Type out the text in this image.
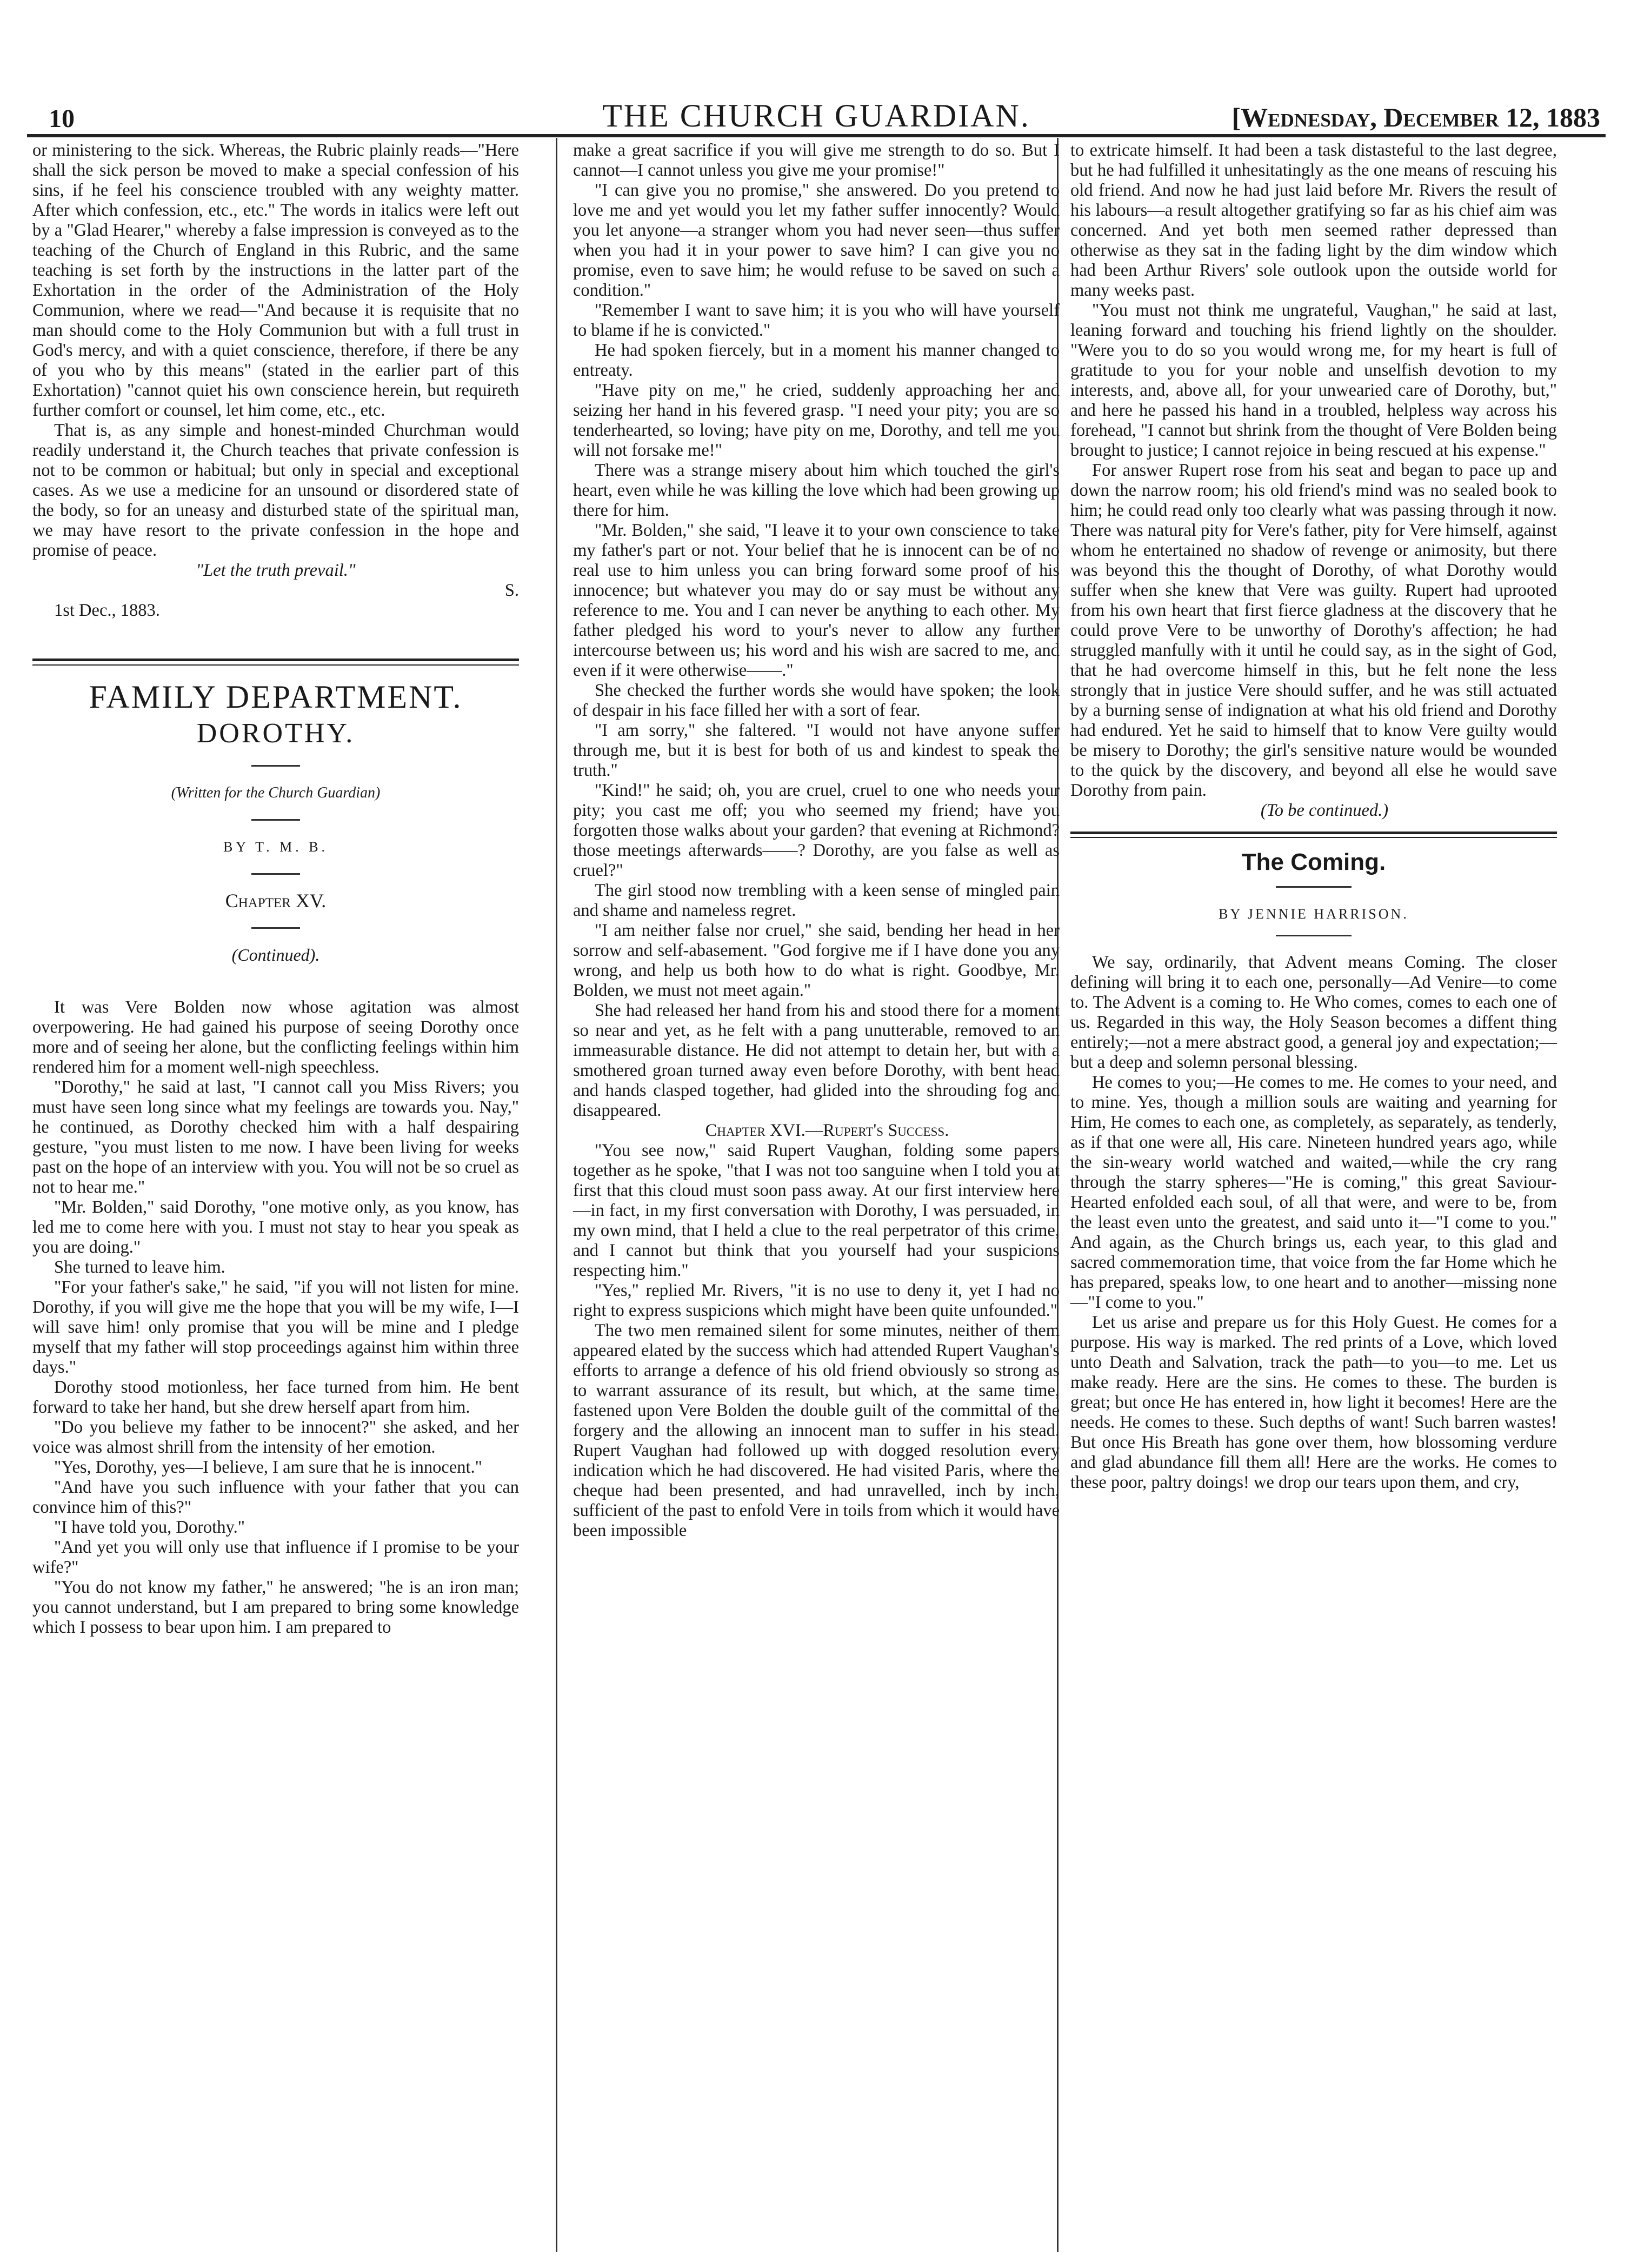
10	THE CHURCH GUARDIAN.	[Wednesday, December 12, 1883

or ministering to the sick. Whereas, the Rubric plainly reads—"Here shall the sick person be moved to make a special confession of his sins, if he feel his conscience troubled with any weighty matter. After which confession, etc., etc." The words in italics were left out by a "Glad Hearer," whereby a false impression is conveyed as to the teaching of the Church of England in this Rubric, and the same teaching is set forth by the instructions in the latter part of the Exhortation in the order of the Administration of the Holy Communion, where we read—"And because it is requisite that no man should come to the Holy Communion but with a full trust in God's mercy, and with a quiet conscience, therefore, if there be any of you who by this means" (stated in the earlier part of this Exhortation) "cannot quiet his own conscience herein, but requireth further comfort or counsel, let him come, etc., etc.

That is, as any simple and honest-minded Churchman would readily understand it, the Church teaches that private confession is not to be common or habitual; but only in special and exceptional cases. As we use a medicine for an unsound or disordered state of the body, so for an uneasy and disturbed state of the spiritual man, we may have resort to the private confession in the hope and promise of peace.

"Let the truth prevail."

S.

1st Dec., 1883.

FAMILY DEPARTMENT.
DOROTHY.
(Written for the Church Guardian)
BY T. M. B.
Chapter XV.
(Continued).

It was Vere Bolden now whose agitation was almost overpowering. He had gained his purpose of seeing Dorothy once more and of seeing her alone, but the conflicting feelings within him rendered him for a moment well-nigh speechless.

"Dorothy," he said at last, "I cannot call you Miss Rivers; you must have seen long since what my feelings are towards you. Nay," he continued, as Dorothy checked him with a half despairing gesture, "you must listen to me now. I have been living for weeks past on the hope of an interview with you. You will not be so cruel as not to hear me."

"Mr. Bolden," said Dorothy, "one motive only, as you know, has led me to come here with you. I must not stay to hear you speak as you are doing."

She turned to leave him.

"For your father's sake," he said, "if you will not listen for mine. Dorothy, if you will give me the hope that you will be my wife, I—I will save him! only promise that you will be mine and I pledge myself that my father will stop proceedings against him within three days."

Dorothy stood motionless, her face turned from him. He bent forward to take her hand, but she drew herself apart from him.

"Do you believe my father to be innocent?" she asked, and her voice was almost shrill from the intensity of her emotion.

"Yes, Dorothy, yes—I believe, I am sure that he is innocent."

"And have you such influence with your father that you can convince him of this?"

"I have told you, Dorothy."

"And yet you will only use that influence if I promise to be your wife?"

"You do not know my father," he answered; "he is an iron man; you cannot understand, but I am prepared to bring some knowledge which I possess to bear upon him. I am prepared to

make a great sacrifice if you will give me strength to do so. But I cannot—I cannot unless you give me your promise!"

"I can give you no promise," she answered. Do you pretend to love me and yet would you let my father suffer innocently? Would you let anyone—a stranger whom you had never seen—thus suffer when you had it in your power to save him? I can give you no promise, even to save him; he would refuse to be saved on such a condition."

"Remember I want to save him; it is you who will have yourself to blame if he is convicted."

He had spoken fiercely, but in a moment his manner changed to entreaty.

"Have pity on me," he cried, suddenly approaching her and seizing her hand in his fevered grasp. "I need your pity; you are so tenderhearted, so loving; have pity on me, Dorothy, and tell me you will not forsake me!"

There was a strange misery about him which touched the girl's heart, even while he was killing the love which had been growing up there for him.

"Mr. Bolden," she said, "I leave it to your own conscience to take my father's part or not. Your belief that he is innocent can be of no real use to him unless you can bring forward some proof of his innocence; but whatever you may do or say must be without any reference to me. You and I can never be anything to each other. My father pledged his word to your's never to allow any further intercourse between us; his word and his wish are sacred to me, and even if it were otherwise——."

She checked the further words she would have spoken; the look of despair in his face filled her with a sort of fear.

"I am sorry," she faltered. "I would not have anyone suffer through me, but it is best for both of us and kindest to speak the truth."

"Kind!" he said; oh, you are cruel, cruel to one who needs your pity; you cast me off; you who seemed my friend; have you forgotten those walks about your garden? that evening at Richmond? those meetings afterwards——? Dorothy, are you false as well as cruel?"

The girl stood now trembling with a keen sense of mingled pain and shame and nameless regret.

"I am neither false nor cruel," she said, bending her head in her sorrow and self-abasement. "God forgive me if I have done you any wrong, and help us both how to do what is right. Goodbye, Mr. Bolden, we must not meet again."

She had released her hand from his and stood there for a moment so near and yet, as he felt with a pang unutterable, removed to an immeasurable distance. He did not attempt to detain her, but with a smothered groan turned away even before Dorothy, with bent head and hands clasped together, had glided into the shrouding fog and disappeared.

Chapter XVI.—Rupert's Success.

"You see now," said Rupert Vaughan, folding some papers together as he spoke, "that I was not too sanguine when I told you at first that this cloud must soon pass away. At our first interview here—in fact, in my first conversation with Dorothy, I was persuaded, in my own mind, that I held a clue to the real perpetrator of this crime, and I cannot but think that you yourself had your suspicions respecting him."

"Yes," replied Mr. Rivers, "it is no use to deny it, yet I had no right to express suspicions which might have been quite unfounded."

The two men remained silent for some minutes, neither of them appeared elated by the success which had attended Rupert Vaughan's efforts to arrange a defence of his old friend obviously so strong as to warrant assurance of its result, but which, at the same time, fastened upon Vere Bolden the double guilt of the committal of the forgery and the allowing an innocent man to suffer in his stead. Rupert Vaughan had followed up with dogged resolution every indication which he had discovered. He had visited Paris, where the cheque had been presented, and had unravelled, inch by inch, sufficient of the past to enfold Vere in toils from which it would have been impossible

to extricate himself. It had been a task distasteful to the last degree, but he had fulfilled it unhesitatingly as the one means of rescuing his old friend. And now he had just laid before Mr. Rivers the result of his labours—a result altogether gratifying so far as his chief aim was concerned. And yet both men seemed rather depressed than otherwise as they sat in the fading light by the dim window which had been Arthur Rivers' sole outlook upon the outside world for many weeks past.

"You must not think me ungrateful, Vaughan," he said at last, leaning forward and touching his friend lightly on the shoulder. "Were you to do so you would wrong me, for my heart is full of gratitude to you for your noble and unselfish devotion to my interests, and, above all, for your unwearied care of Dorothy, but," and here he passed his hand in a troubled, helpless way across his forehead, "I cannot but shrink from the thought of Vere Bolden being brought to justice; I cannot rejoice in being rescued at his expense."

For answer Rupert rose from his seat and began to pace up and down the narrow room; his old friend's mind was no sealed book to him; he could read only too clearly what was passing through it now. There was natural pity for Vere's father, pity for Vere himself, against whom he entertained no shadow of revenge or animosity, but there was beyond this the thought of Dorothy, of what Dorothy would suffer when she knew that Vere was guilty. Rupert had uprooted from his own heart that first fierce gladness at the discovery that he could prove Vere to be unworthy of Dorothy's affection; he had struggled manfully with it until he could say, as in the sight of God, that he had overcome himself in this, but he felt none the less strongly that in justice Vere should suffer, and he was still actuated by a burning sense of indignation at what his old friend and Dorothy had endured. Yet he said to himself that to know Vere guilty would be misery to Dorothy; the girl's sensitive nature would be wounded to the quick by the discovery, and beyond all else he would save Dorothy from pain.

(To be continued.)

The Coming.
BY JENNIE HARRISON.

We say, ordinarily, that Advent means Coming. The closer defining will bring it to each one, personally—Ad Venire—to come to. The Advent is a coming to. He Who comes, comes to each one of us. Regarded in this way, the Holy Season becomes a diffent thing entirely;—not a mere abstract good, a general joy and expectation;—but a deep and solemn personal blessing.

He comes to you;—He comes to me. He comes to your need, and to mine. Yes, though a million souls are waiting and yearning for Him, He comes to each one, as completely, as separately, as tenderly, as if that one were all, His care. Nineteen hundred years ago, while the sin-weary world watched and waited,—while the cry rang through the starry spheres—"He is coming," this great Saviour-Hearted enfolded each soul, of all that were, and were to be, from the least even unto the greatest, and said unto it—"I come to you." And again, as the Church brings us, each year, to this glad and sacred commemoration time, that voice from the far Home which he has prepared, speaks low, to one heart and to another—missing none—"I come to you."

Let us arise and prepare us for this Holy Guest. He comes for a purpose. His way is marked. The red prints of a Love, which loved unto Death and Salvation, track the path—to you—to me. Let us make ready. Here are the sins. He comes to these. The burden is great; but once He has entered in, how light it becomes! Here are the needs. He comes to these. Such depths of want! Such barren wastes! But once His Breath has gone over them, how blossoming verdure and glad abundance fill them all! Here are the works. He comes to these poor, paltry doings! we drop our tears upon them, and cry,
